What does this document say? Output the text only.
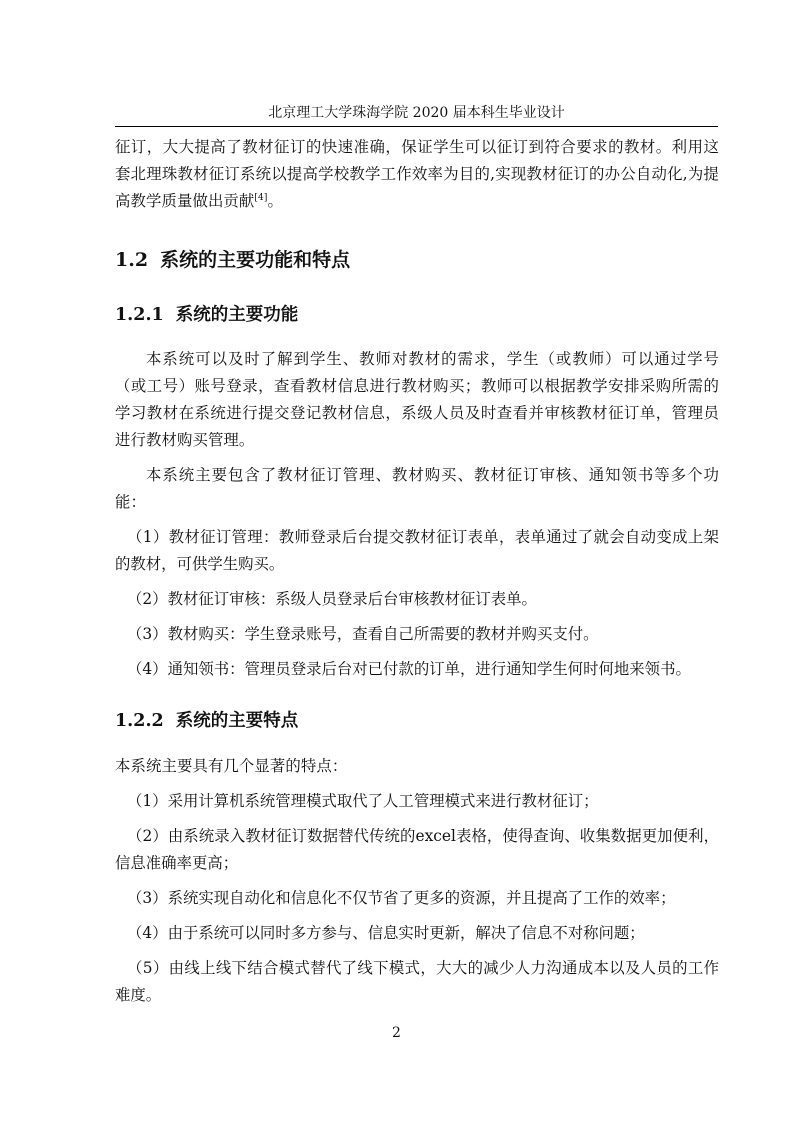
北京理工大学珠海学院 2020 届本科生毕业设计

征订，大大提高了教材征订的快速准确，保证学生可以征订到符合要求的教材。利用这套北理珠教材征订系统以提高学校教学工作效率为目的,实现教材征订的办公自动化,为提高教学质量做出贡献[4]。

1.2 系统的主要功能和特点
1.2.1 系统的主要功能

本系统可以及时了解到学生、教师对教材的需求，学生（或教师）可以通过学号（或工号）账号登录，查看教材信息进行教材购买；教师可以根据教学安排采购所需的学习教材在系统进行提交登记教材信息，系级人员及时查看并审核教材征订单，管理员进行教材购买管理。

本系统主要包含了教材征订管理、教材购买、教材征订审核、通知领书等多个功能：

（1）教材征订管理：教师登录后台提交教材征订表单，表单通过了就会自动变成上架的教材，可供学生购买。

（2）教材征订审核：系级人员登录后台审核教材征订表单。

（3）教材购买：学生登录账号，查看自己所需要的教材并购买支付。

（4）通知领书：管理员登录后台对已付款的订单，进行通知学生何时何地来领书。

1.2.2 系统的主要特点

本系统主要具有几个显著的特点：

（1）采用计算机系统管理模式取代了人工管理模式来进行教材征订；

（2）由系统录入教材征订数据替代传统的excel表格，使得查询、收集数据更加便利，信息准确率更高；

（3）系统实现自动化和信息化不仅节省了更多的资源，并且提高了工作的效率；

（4）由于系统可以同时多方参与、信息实时更新，解决了信息不对称问题；

（5）由线上线下结合模式替代了线下模式，大大的减少人力沟通成本以及人员的工作难度。

2
